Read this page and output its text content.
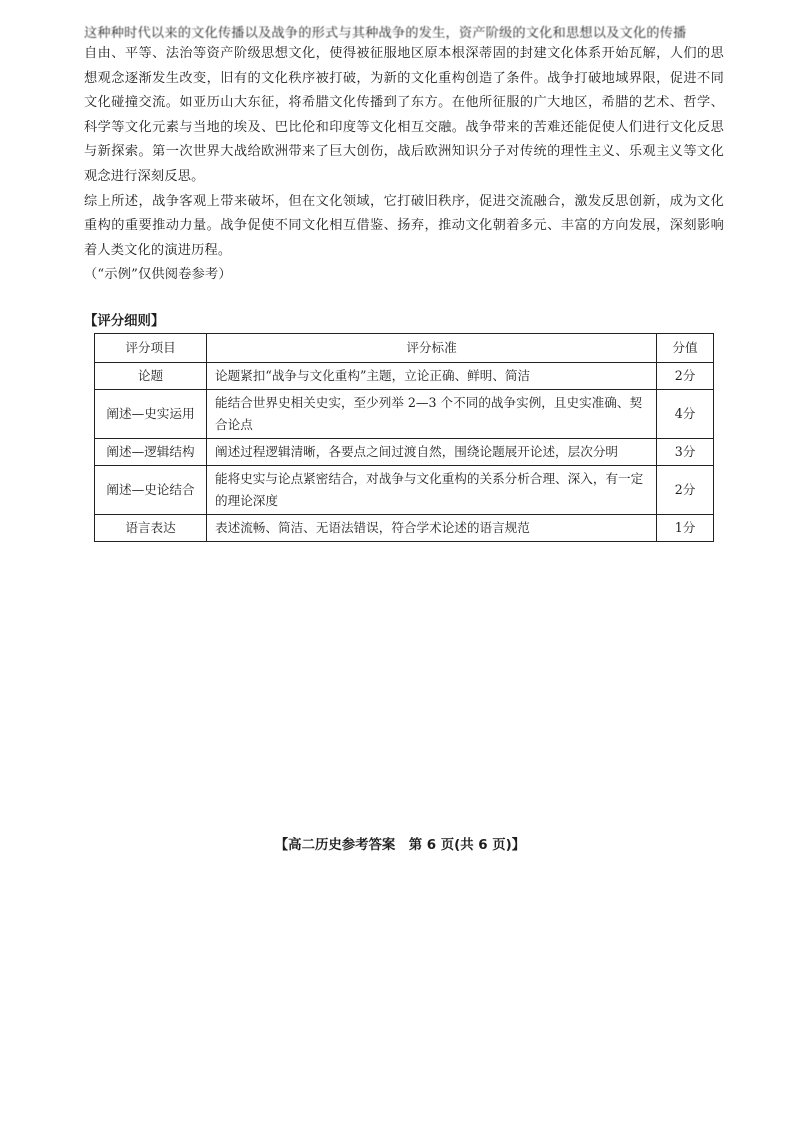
这种种时代以来的文化传播以及战争的形式与其种战争的发生，资产阶级的文化和思想以及文化的传播

自由、平等、法治等资产阶级思想文化，使得被征服地区原本根深蒂固的封建文化体系开始瓦解，人们的思想观念逐渐发生改变，旧有的文化秩序被打破，为新的文化重构创造了条件。战争打破地域界限，促进不同文化碰撞交流。如亚历山大东征，将希腊文化传播到了东方。在他所征服的广大地区，希腊的艺术、哲学、科学等文化元素与当地的埃及、巴比伦和印度等文化相互交融。战争带来的苦难还能促使人们进行文化反思与新探索。第一次世界大战给欧洲带来了巨大创伤，战后欧洲知识分子对传统的理性主义、乐观主义等文化观念进行深刻反思。

综上所述，战争客观上带来破坏，但在文化领域，它打破旧秩序，促进交流融合，激发反思创新，成为文化重构的重要推动力量。战争促使不同文化相互借鉴、扬弃，推动文化朝着多元、丰富的方向发展，深刻影响着人类文化的演进历程。

（“示例”仅供阅卷参考）

【评分细则】
评分项目	评分标准	分值
论题	论题紧扣“战争与文化重构”主题，立论正确、鲜明、简洁	2分
阐述—史实运用	能结合世界史相关史实，至少列举 2—3 个不同的战争实例，且史实准确、契合论点	4分
阐述—逻辑结构	阐述过程逻辑清晰，各要点之间过渡自然，围绕论题展开论述，层次分明	3分
阐述—史论结合	能将史实与论点紧密结合，对战争与文化重构的关系分析合理、深入，有一定的理论深度	2分
语言表达	表述流畅、简洁、无语法错误，符合学术论述的语言规范	1分
【高二历史参考答案　第 6 页(共 6 页)】
